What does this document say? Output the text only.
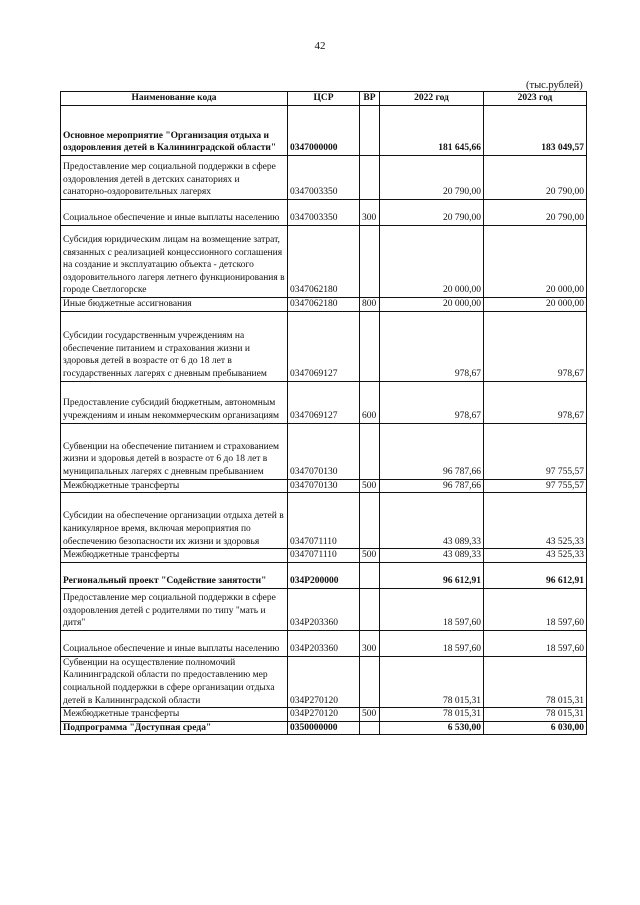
42
(тыс.рублей)
Наименование кода	ЦСР	ВР	2022 год	2023 год
Основное мероприятие "Организация отдыха и оздоровления детей в Калининградской области"	0347000000		181 645,66	183 049,57
Предоставление мер социальной поддержки в сфере оздоровления детей в детских санаториях и санаторно-оздоровительных лагерях	0347003350		20 790,00	20 790,00
Социальное обеспечение и иные выплаты населению	0347003350	300	20 790,00	20 790,00
Субсидия юридическим лицам на возмещение затрат, связанных с реализацией концессионного соглашения на создание и эксплуатацию объекта - детского оздоровительного лагеря летнего функционирования в городе Светлогорске	0347062180		20 000,00	20 000,00
Иные бюджетные ассигнования	0347062180	800	20 000,00	20 000,00
Субсидии государственным учреждениям на обеспечение питанием и страхования жизни и здоровья детей в возрасте от 6 до 18 лет в государственных лагерях с дневным пребыванием	0347069127		978,67	978,67
Предоставление субсидий бюджетным, автономным учреждениям и иным некоммерческим организациям	0347069127	600	978,67	978,67
Субвенции на обеспечение питанием и страхованием жизни и здоровья детей в возрасте от 6 до 18 лет в муниципальных лагерях с дневным пребыванием	0347070130		96 787,66	97 755,57
Межбюджетные трансферты	0347070130	500	96 787,66	97 755,57
Субсидии на обеспечение организации отдыха детей в каникулярное время, включая мероприятия по обеспечению безопасности их жизни и здоровья	0347071110		43 089,33	43 525,33
Межбюджетные трансферты	0347071110	500	43 089,33	43 525,33
Региональный проект "Содействие занятости"	034P200000		96 612,91	96 612,91
Предоставление мер социальной поддержки в сфере оздоровления детей с родителями по типу "мать и дитя"	034P203360		18 597,60	18 597,60
Социальное обеспечение и иные выплаты населению	034P203360	300	18 597,60	18 597,60
Субвенции на осуществление полномочий Калининградской области по предоставлению мер социальной поддержки в сфере организации отдыха детей в Калининградской области	034P270120		78 015,31	78 015,31
Межбюджетные трансферты	034P270120	500	78 015,31	78 015,31
Подпрограмма "Доступная среда"	0350000000		6 530,00	6 030,00
